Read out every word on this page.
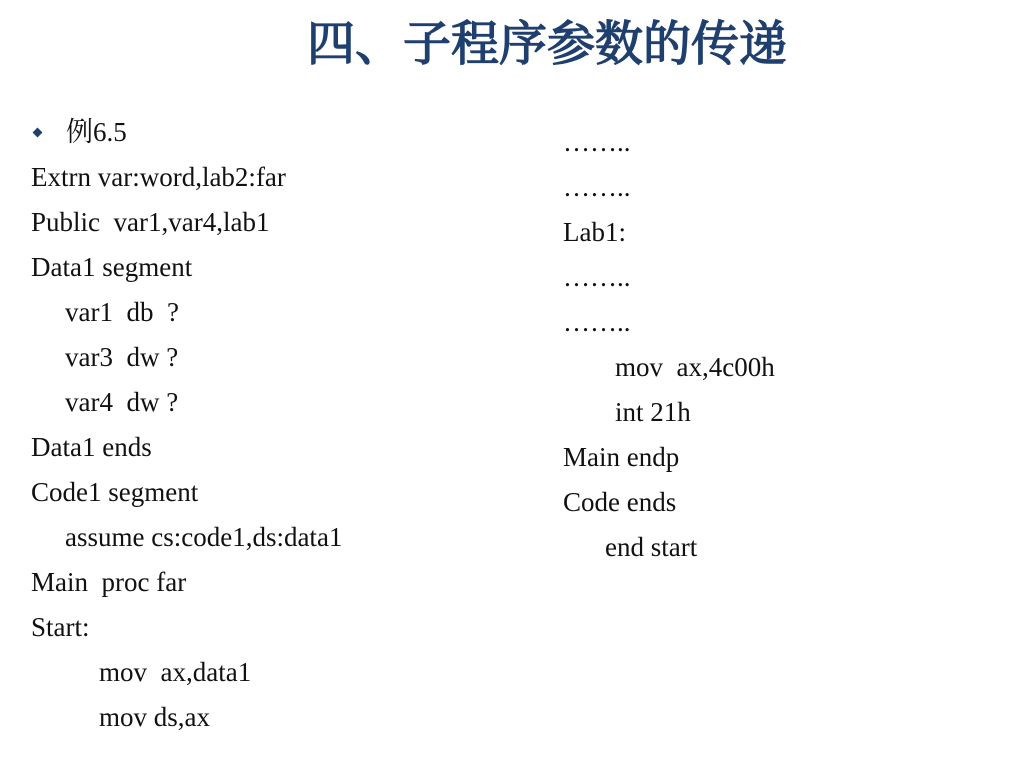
四、子程序参数的传递
例6.5
Extrn var:word,lab2:far
Public  var1,var4,lab1
Data1 segment
var1  db  ?
var3  dw ?
var4  dw ?
Data1 ends
Code1 segment
assume cs:code1,ds:data1
Main  proc far
Start:
mov  ax,data1
mov ds,ax
……..
……..
Lab1:
……..
……..
mov  ax,4c00h
int 21h
Main endp
Code ends
end start
